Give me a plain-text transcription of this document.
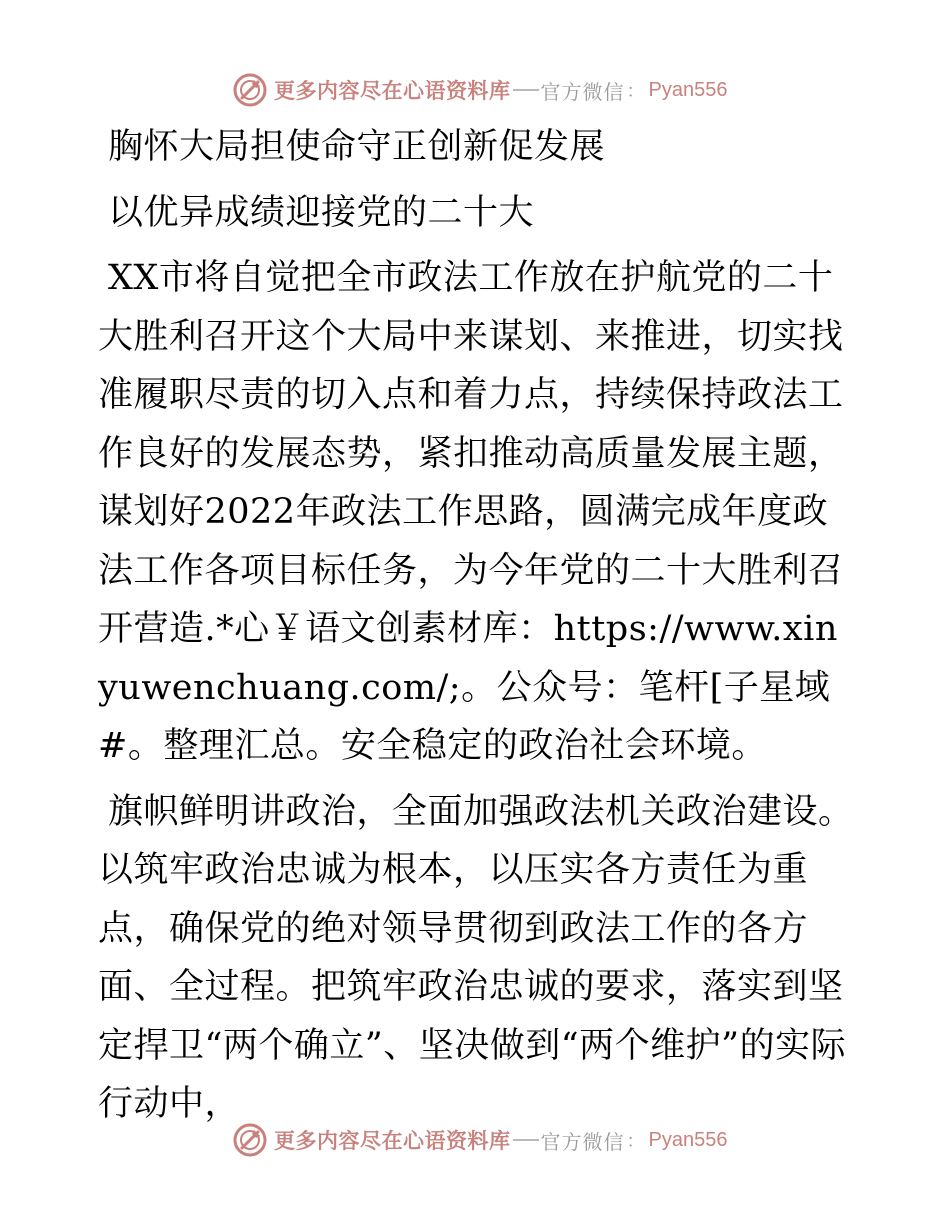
更多内容尽在心语资料库 官方微信 ： Pyan556

胸怀大局担使命守正创新促发展

以优异成绩迎接党的二十大

XX市将自觉把全市政法工作放在护航党的二十大胜利召开这个大局中来谋划、来推进，切实找准履职尽责的切入点和着力点，持续保持政法工作良好的发展态势，紧扣推动高质量发展主题，谋划好2022年政法工作思路，圆满完成年度政法工作各项目标任务，为今年党的二十大胜利召开营造.*心￥语文创素材库：https://www.xinyuwenchuang.com/;。公众号：笔杆[子星域#。整理汇总。安全稳定的政治社会环境。

旗帜鲜明讲政治，全面加强政法机关政治建设。以筑牢政治忠诚为根本，以压实各方责任为重点，确保党的绝对领导贯彻到政法工作的各方面、全过程。把筑牢政治忠诚的要求，落实到坚定捍卫“两个确立”、坚决做到“两个维护”的实际行动中，

更多内容尽在心语资料库 官方微信 ： Pyan556
